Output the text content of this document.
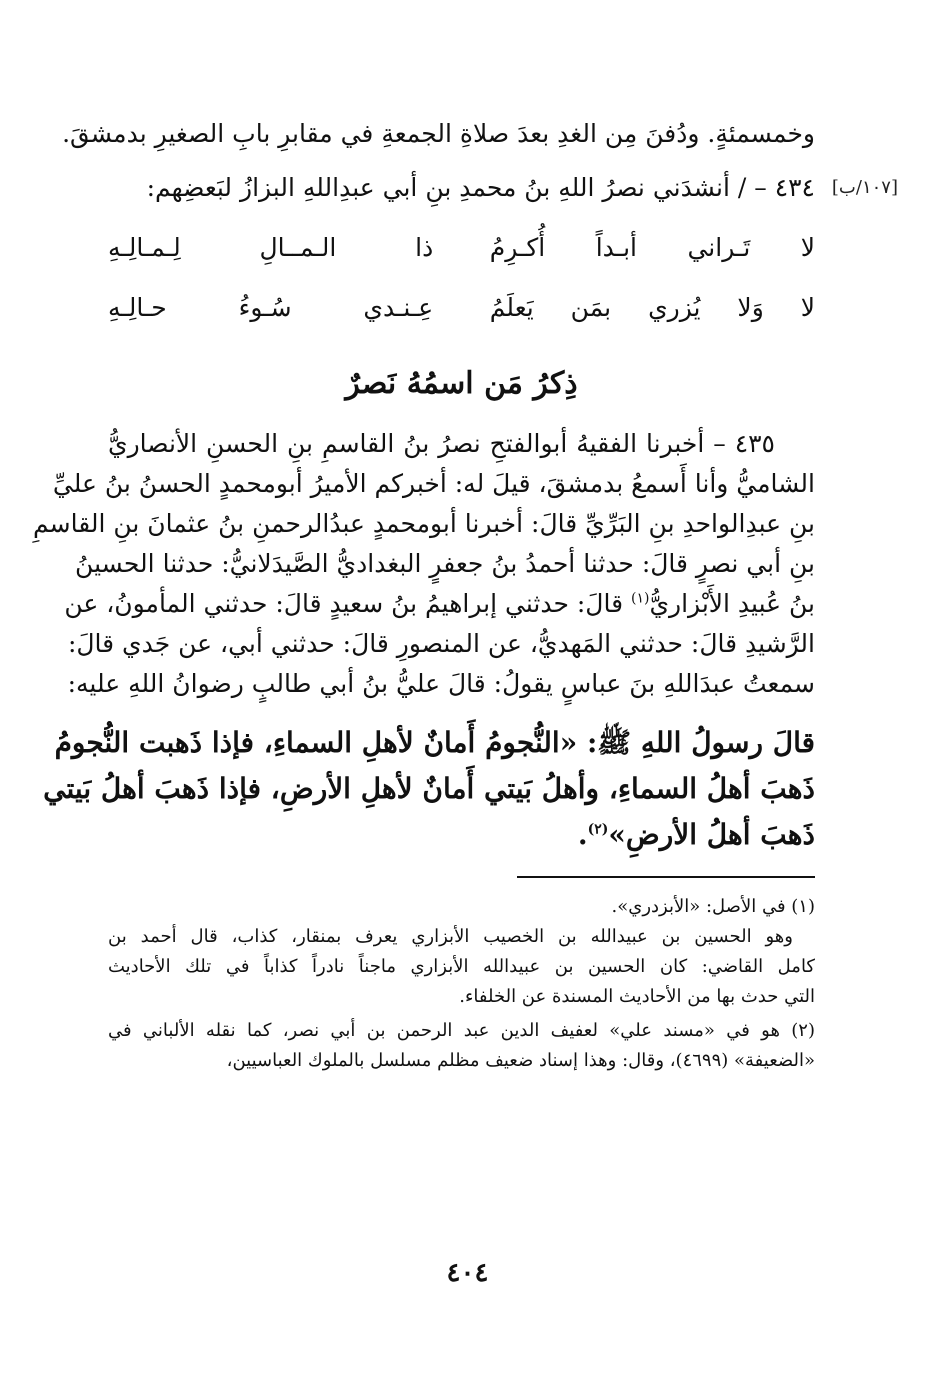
وخمسمئةٍ. ودُفنَ مِن الغدِ بعدَ صلاةِ الجمعةِ في مقابرِ بابِ الصغيرِ بدمشقَ.
[١٠٧/ب]
٤٣٤ – / أنشدَني نصرُ اللهِ بنُ محمدِ بنِ أبي عبدِاللهِ البزازُ لبَعضِهم:
لا تَـراني أبـداً أُكـرِمُ
ذا الـمــالِ لِـمـالِـهِ
لا وَلا يُزري بمَن يَعلَمُ
عِـنـدي سُـوءُ حـالِـهِ
ذِكرُ مَن اسمُهُ نَصرٌ
٤٣٥ – أخبرنا الفقيهُ أبوالفتحِ نصرُ بنُ القاسمِ بنِ الحسنِ الأنصاريُّ
الشاميُّ وأنا أَسمعُ بدمشقَ، قيلَ له: أخبركم الأميرُ أبومحمدٍ الحسنُ بنُ عليِّ
بنِ عبدِالواحدِ بنِ البَرِّيِّ قالَ: أخبرنا أبومحمدٍ عبدُالرحمنِ بنُ عثمانَ بنِ القاسمِ
بنِ أبي نصرٍ قالَ: حدثنا أحمدُ بنُ جعفرٍ البغداديُّ الصَّيدَلانيُّ: حدثنا الحسينُ
بنُ عُبيدِ الأَبْزاريُّ$^{(١)}$ قالَ: حدثني إبراهيمُ بنُ سعيدٍ قالَ: حدثني المأمونُ، عن
الرَّشيدِ قالَ: حدثني المَهديُّ، عن المنصورِ قالَ: حدثني أبي، عن جَدي قالَ:
سمعتُ عبدَاللهِ بنَ عباسٍ يقولُ: قالَ عليُّ بنُ أبي طالبٍ رضوانُ اللهِ عليه:
قالَ رسولُ اللهِ ﷺ: «النُّجومُ أَمانٌ لأهلِ السماءِ، فإذا ذَهبت النُّجومُ
ذَهبَ أهلُ السماءِ، وأهلُ بَيتي أَمانٌ لأهلِ الأرضِ، فإذا ذَهبَ أهلُ بَيتي
ذَهبَ أهلُ الأرضِ»$^{(٢)}$.
(١) في الأصل: «الأبزدري».
وهو الحسين بن عبيدالله بن الخصيب الأبزاري يعرف بمنقار، كذاب، قال أحمد بن
كامل القاضي: كان الحسين بن عبيدالله الأبزاري ماجناً نادراً كذاباً في تلك الأحاديث
التي حدث بها من الأحاديث المسندة عن الخلفاء.
(٢) هو في «مسند علي» لعفيف الدين عبد الرحمن بن أبي نصر، كما نقله الألباني في
«الضعيفة» (٤٦٩٩)، وقال: وهذا إسناد ضعيف مظلم مسلسل بالملوك العباسيين،
٤٠٤
